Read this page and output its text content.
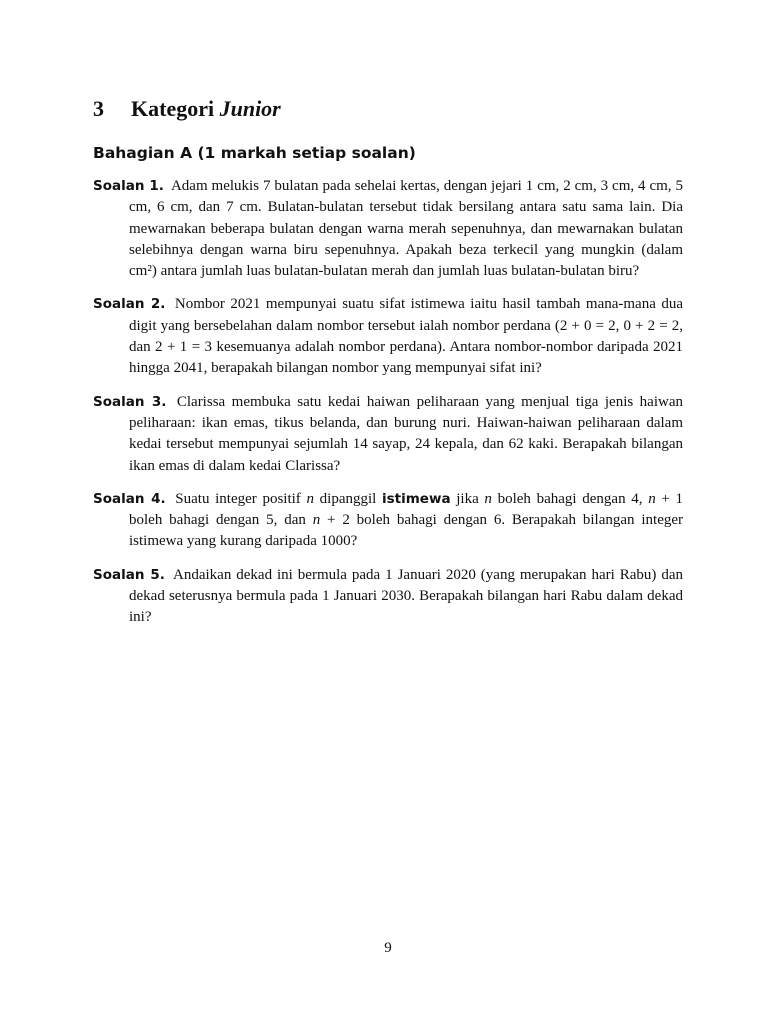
3 Kategori Junior
Bahagian A (1 markah setiap soalan)

Soalan 1. Adam melukis 7 bulatan pada sehelai kertas, dengan jejari 1 cm, 2 cm, 3 cm, 4 cm, 5 cm, 6 cm, dan 7 cm. Bulatan-bulatan tersebut tidak bersilang antara satu sama lain. Dia mewarnakan beberapa bulatan dengan warna merah sepenuhnya, dan mewarnakan bulatan selebihnya dengan warna biru sepenuhnya. Apakah beza terkecil yang mungkin (dalam cm²) antara jumlah luas bulatan-bulatan merah dan jumlah luas bulatan-bulatan biru?

Soalan 2. Nombor 2021 mempunyai suatu sifat istimewa iaitu hasil tambah mana-mana dua digit yang bersebelahan dalam nombor tersebut ialah nombor perdana (2 + 0 = 2, 0 + 2 = 2, dan 2 + 1 = 3 kesemuanya adalah nombor perdana). Antara nombor-nombor daripada 2021 hingga 2041, berapakah bilangan nombor yang mempunyai sifat ini?

Soalan 3. Clarissa membuka satu kedai haiwan peliharaan yang menjual tiga jenis haiwan peliharaan: ikan emas, tikus belanda, dan burung nuri. Haiwan-haiwan peliharaan dalam kedai tersebut mempunyai sejumlah 14 sayap, 24 kepala, dan 62 kaki. Berapakah bilangan ikan emas di dalam kedai Clarissa?

Soalan 4. Suatu integer positif n dipanggil istimewa jika n boleh bahagi dengan 4, n + 1 boleh bahagi dengan 5, dan n + 2 boleh bahagi dengan 6. Berapakah bilangan integer istimewa yang kurang daripada 1000?

Soalan 5. Andaikan dekad ini bermula pada 1 Januari 2020 (yang merupakan hari Rabu) dan dekad seterusnya bermula pada 1 Januari 2030. Berapakah bilangan hari Rabu dalam dekad ini?

9
